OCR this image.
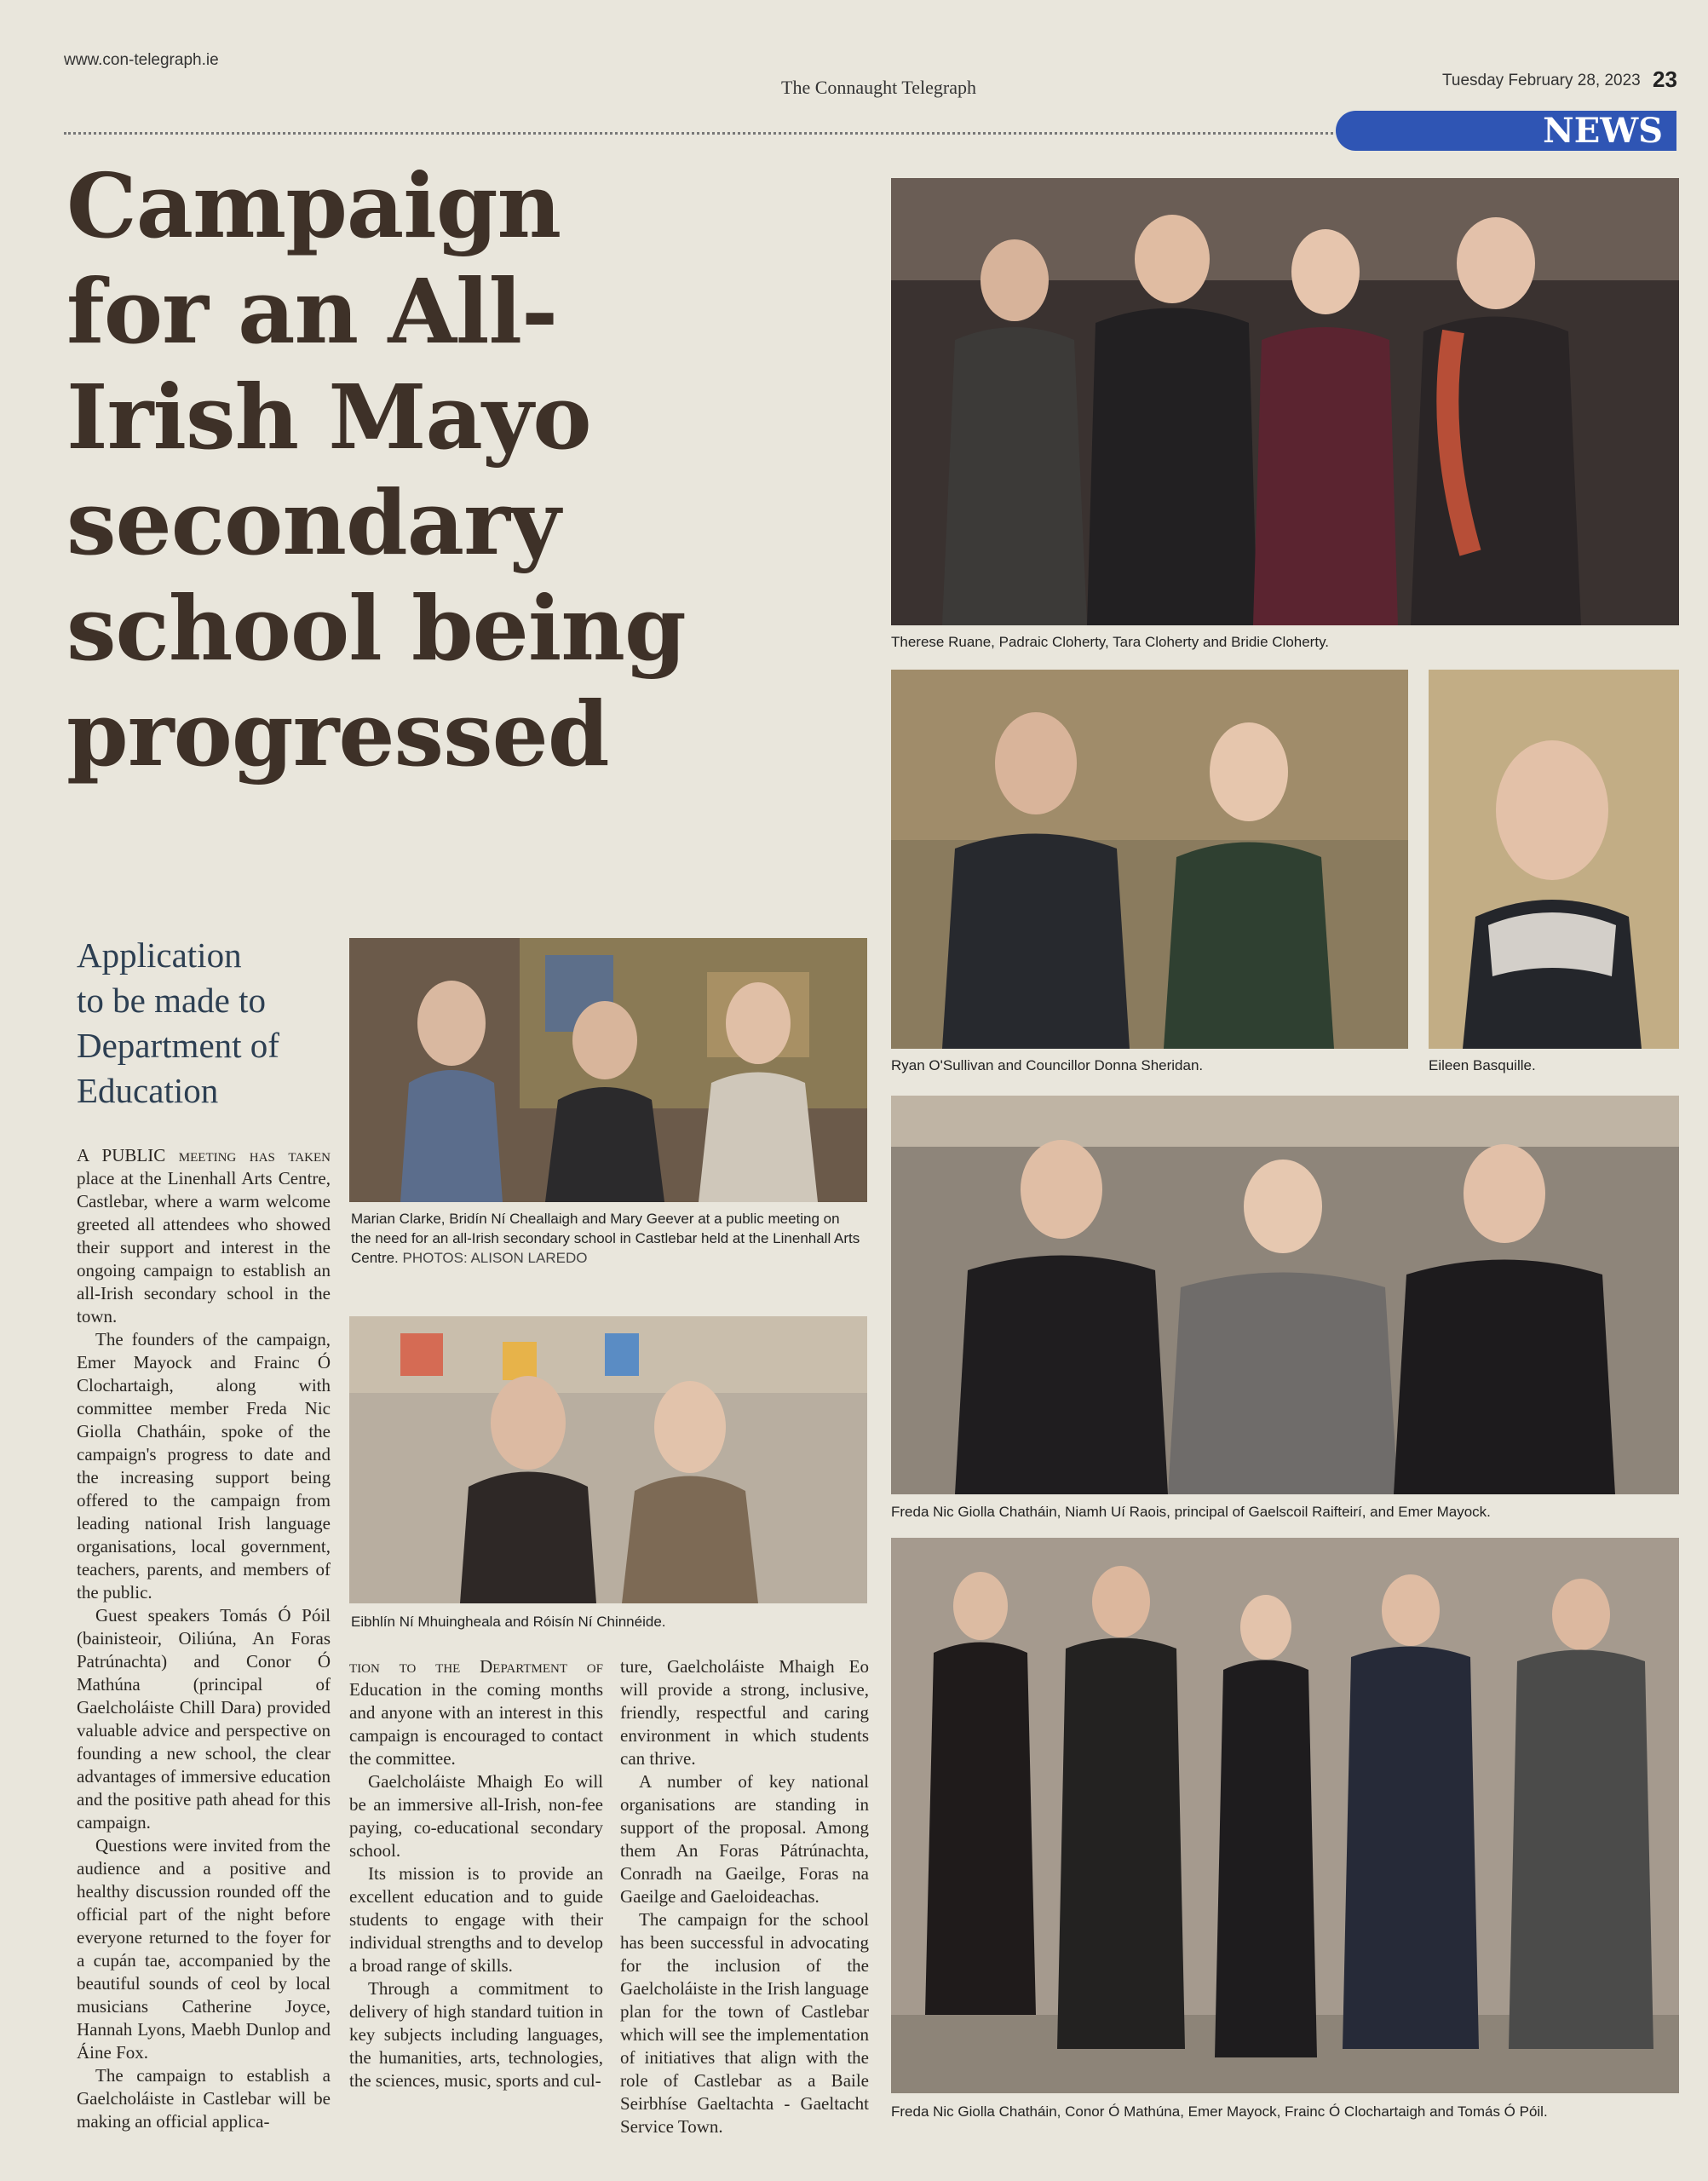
www.con-telegraph.ie
The Connaught Telegraph	Tuesday February 28, 2023 23
NEWS
Campaign
for an All-
Irish Mayo
secondary
school being
progressed
Application
to be made to
Department of
Education

A PUBLIC meeting has taken place at the Linenhall Arts Centre, Castlebar, where a warm welcome greeted all attendees who showed their support and interest in the ongoing campaign to establish an all-Irish secondary school in the town.

The founders of the campaign, Emer Mayock and Frainc Ó Clochartaigh, along with committee member Freda Nic Giolla Chatháin, spoke of the campaign's progress to date and the increasing support being offered to the campaign from leading national Irish language organisations, local government, teachers, parents, and members of the public.

Guest speakers Tomás Ó Póil (bainisteoir, Oiliúna, An Foras Patrúnachta) and Conor Ó Mathúna (principal of Gaelcholáiste Chill Dara) provided valuable advice and perspective on founding a new school, the clear advantages of immersive education and the positive path ahead for this campaign.

Questions were invited from the audience and a positive and healthy discussion rounded off the official part of the night before everyone returned to the foyer for a cupán tae, accompanied by the beautiful sounds of ceol by local musicians Catherine Joyce, Hannah Lyons, Maebh Dunlop and Áine Fox.

The campaign to establish a Gaelcholáiste in Castlebar will be making an official applica-

tion to the Department of Education in the coming months and anyone with an interest in this campaign is encouraged to contact the committee.

Gaelcholáiste Mhaigh Eo will be an immersive all-Irish, non-fee paying, co-educational secondary school.

Its mission is to provide an excellent education and to guide students to engage with their individual strengths and to develop a broad range of skills.

Through a commitment to delivery of high standard tuition in key subjects including languages, the humanities, arts, technologies, the sciences, music, sports and cul-

ture, Gaelcholáiste Mhaigh Eo will provide a strong, inclusive, friendly, respectful and caring environment in which students can thrive.

A number of key national organisations are standing in support of the proposal. Among them An Foras Pátrúnachta, Conradh na Gaeilge, Foras na Gaeilge and Gaeloideachas.

The campaign for the school has been successful in advocating for the inclusion of the Gaelcholáiste in the Irish language plan for the town of Castlebar which will see the implementation of initiatives that align with the role of Castlebar as a Baile Seirbhíse Gaeltachta - Gaeltacht Service Town.

Marian Clarke, Bridín Ní Cheallaigh and Mary Geever at a public meeting on the need for an all-Irish secondary school in Castlebar held at the Linenhall Arts Centre. PHOTOS: ALISON LAREDO
Eibhlín Ní Mhuingheala and Róisín Ní Chinnéide.
Therese Ruane, Padraic Cloherty, Tara Cloherty and Bridie Cloherty.
Ryan O'Sullivan and Councillor Donna Sheridan.	Eileen Basquille.
Freda Nic Giolla Chatháin, Niamh Uí Raois, principal of Gaelscoil Raifteirí, and Emer Mayock.
Freda Nic Giolla Chatháin, Conor Ó Mathúna, Emer Mayock, Frainc Ó Clochartaigh and Tomás Ó Póil.
